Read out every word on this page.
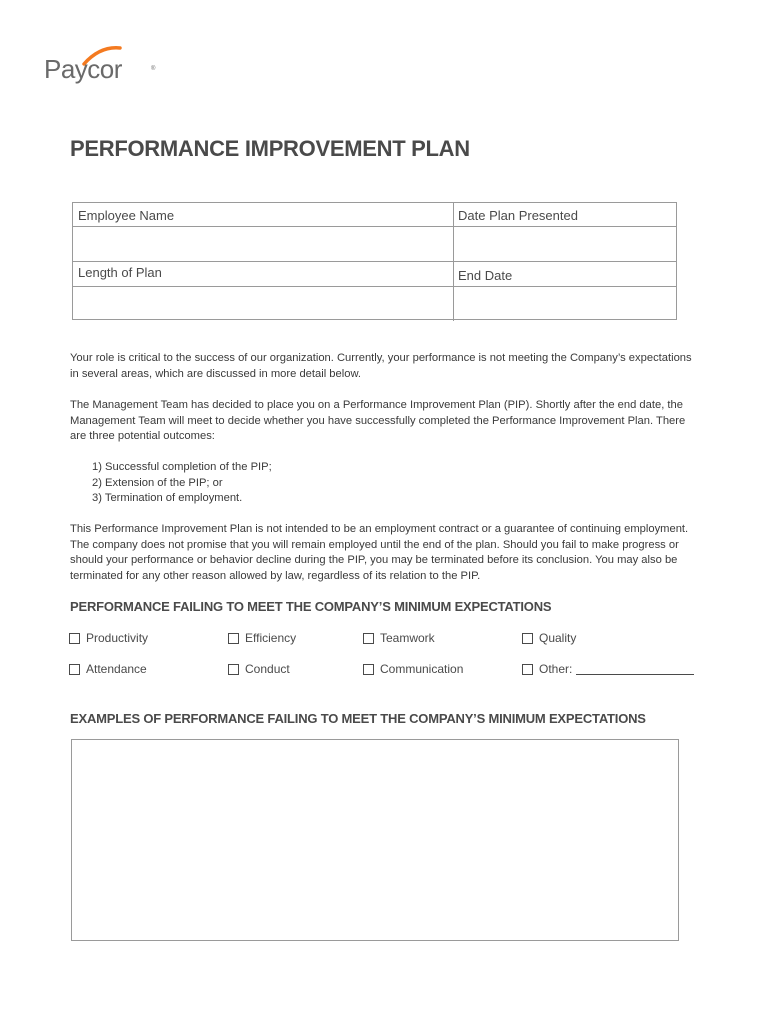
Paycor	®
PERFORMANCE IMPROVEMENT PLAN
Employee Name	Date Plan Presented
Length of Plan	End Date
Your role is critical to the success of our organization. Currently, your performance is not meeting the Company’s expectations in several areas, which are discussed in more detail below.
The Management Team has decided to place you on a Performance Improvement Plan (PIP). Shortly after the end date, the Management Team will meet to decide whether you have successfully completed the Performance Improvement Plan. There are three potential outcomes:
1) Successful completion of the PIP;
2) Extension of the PIP; or
3) Termination of employment.
This Performance Improvement Plan is not intended to be an employment contract or a guarantee of continuing employment. The company does not promise that you will remain employed until the end of the plan. Should you fail to make progress or should your performance or behavior decline during the PIP, you may be terminated before its conclusion. You may also be terminated for any other reason allowed by law, regardless of its relation to the PIP.
PERFORMANCE FAILING TO MEET THE COMPANY’S MINIMUM EXPECTATIONS
Productivity	Efficiency	Teamwork	Quality
Attendance	Conduct	Communication	Other:
EXAMPLES OF PERFORMANCE FAILING TO MEET THE COMPANY’S MINIMUM EXPECTATIONS
